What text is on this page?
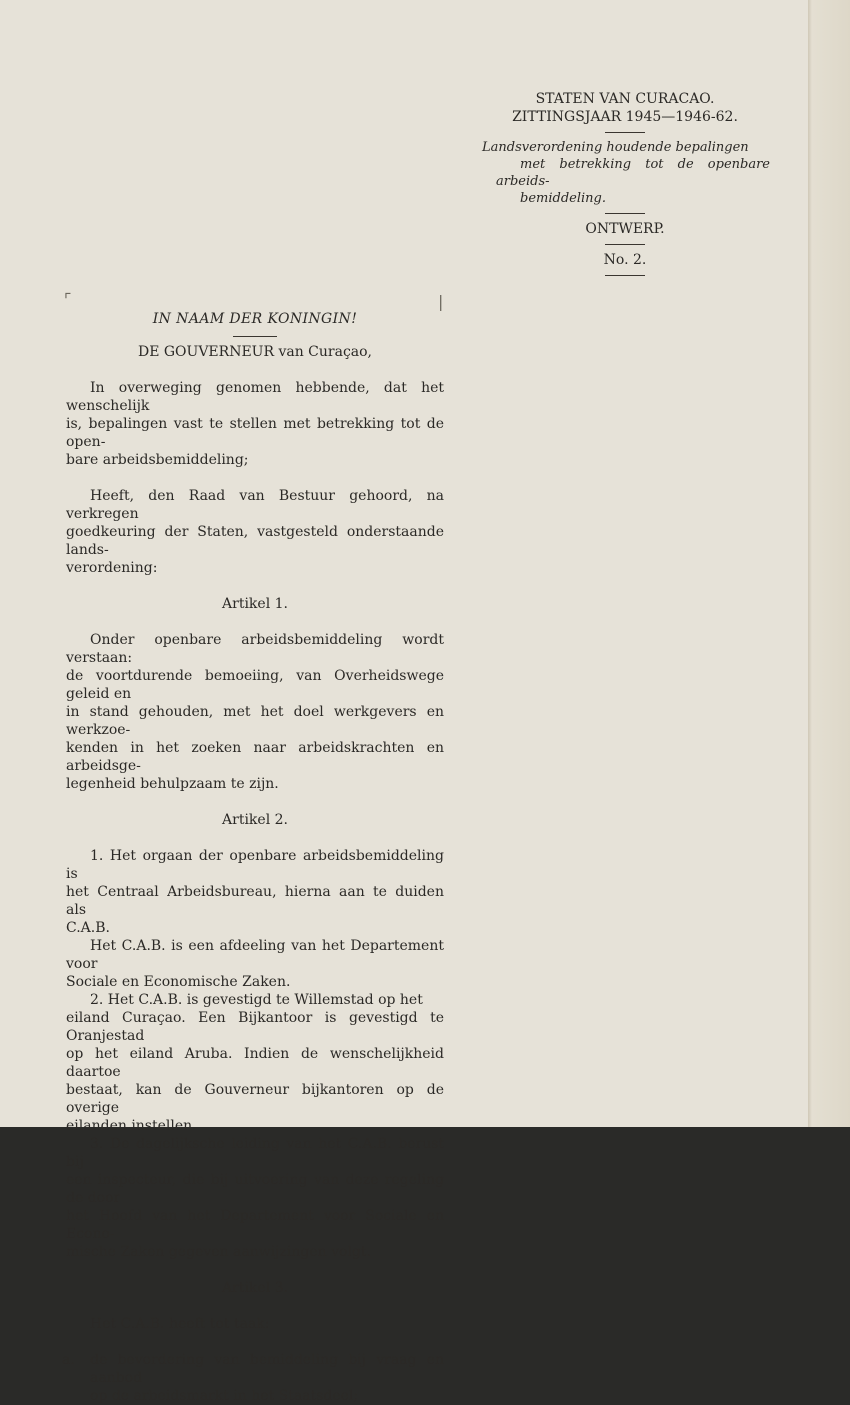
STATEN VAN CURACAO.
ZITTINGSJAAR 1945—1946-62.
Landsverordening houdende bepalingen
met betrekking tot de openbare arbeids-
bemiddeling.
ONTWERP.
No. 2.
⌜	|
IN NAAM DER KONINGIN!
DE GOUVERNEUR van Curaçao,
In overweging genomen hebbende, dat het wenschelijk
is, bepalingen vast te stellen met betrekking tot de open-
bare arbeidsbemiddeling;
Heeft, den Raad van Bestuur gehoord, na verkregen
goedkeuring der Staten, vastgesteld onderstaande lands-
verordening:
Artikel 1.
Onder openbare arbeidsbemiddeling wordt verstaan:
de voortdurende bemoeiing, van Overheidswege geleid en
in stand gehouden, met het doel werkgevers en werkzoe-
kenden in het zoeken naar arbeidskrachten en arbeidsge-
legenheid behulpzaam te zijn.
Artikel 2.
1. Het orgaan der openbare arbeidsbemiddeling is
het Centraal Arbeidsbureau, hierna aan te duiden als
C.A.B.
Het C.A.B. is een afdeeling van het Departement voor
Sociale en Economische Zaken.
2. Het C.A.B. is gevestigd te Willemstad op het
eiland Curaçao. Een Bijkantoor is gevestigd te Oranjestad
op het eiland Aruba. Indien de wenschelijkheid daartoe
bestaat, kan de Gouverneur bijkantoren op de overige
eilanden instellen.
3. De dagelijksche leiding van het C.A.B. berust bij
een inspecteur, die bij uitvoering van deze regeling de door
het Hoofd van het Departement voor Sociale en Econo-
mische Zaken gegeven aanwijzingen volgt.
Artikel 3.
Het C.A.B. heeft tot taak:
a. de bevordering van bemiddeling bij vraag en aanbod
op de arbeidsmarkt in het Staatsdeel;
